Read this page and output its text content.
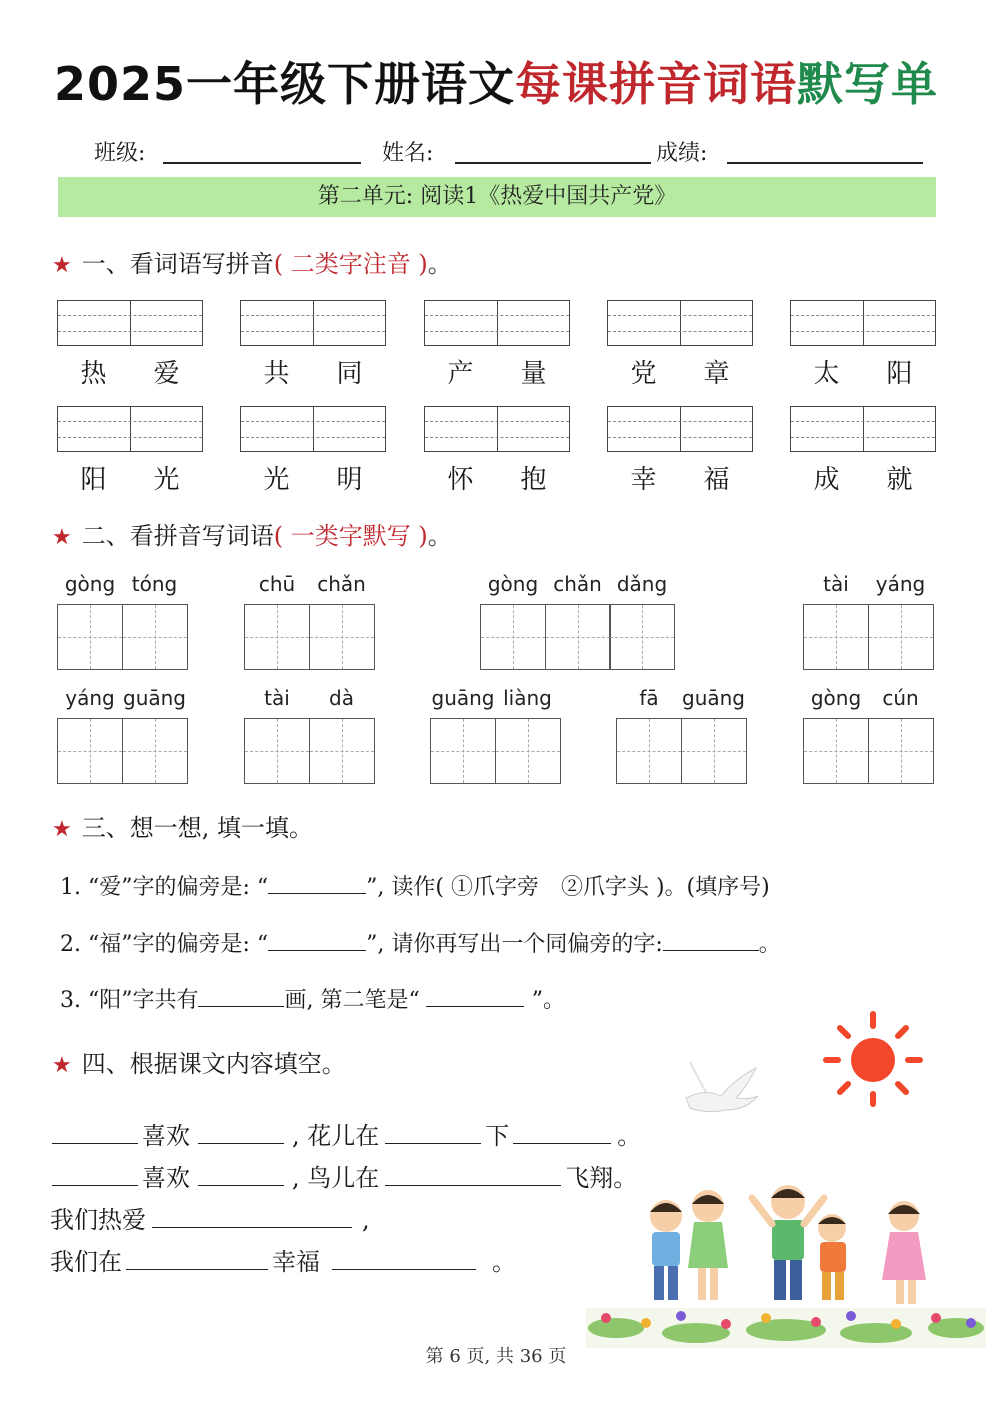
2025一年级下册语文每课拼音词语默写单
班级:	姓名:	成绩:
第二单元: 阅读1《热爱中国共产党》
★ 一、看词语写拼音( 二类字注音 )。
热 爱	共 同	产 量	党 章	太 阳
阳 光	光 明	怀 抱	幸 福	成 就
★ 二、看拼音写词语( 一类字默写 )。
gòng tóng	chū chǎn	gòng chǎn dǎng	tài yáng
yáng guāng	tài dà	guāng liàng	fā guāng	gòng cún
★ 三、想一想, 填一填。
1. “爱”字的偏旁是: “	”, 读作( ①爪字旁　②爪字头 )。(填序号)
2. “福”字的偏旁是: “	”, 请你再写出一个同偏旁的字:	。
3. “阳”字共有	画, 第二笔是“	”。
★ 四、根据课文内容填空。
喜欢	, 花儿在	下	。
喜欢	, 鸟儿在	飞翔。
我们热爱	,
我们在	幸福	。
第 6 页, 共 36 页
